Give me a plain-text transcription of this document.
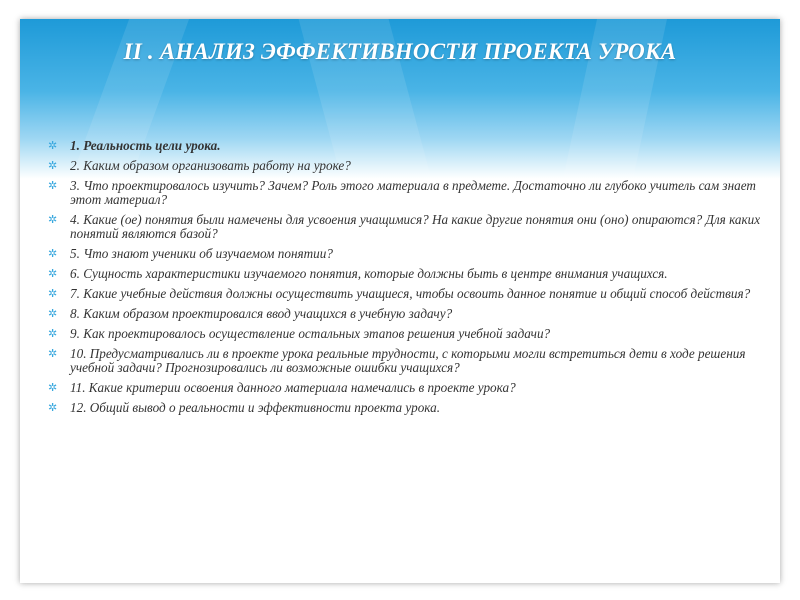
II . АНАЛИЗ ЭФФЕКТИВНОСТИ ПРОЕКТА УРОКА
✲ 1. Реальность цели урока.
✲ 2. Каким образом организовать работу на уроке?
✲ 3. Что проектировалось изучить? Зачем? Роль этого материала в предмете. Достаточно ли глубоко учитель сам знает этот материал?
✲ 4. Какие (ое) понятия были намечены для усвоения учащимися? На какие другие понятия они (оно) опираются? Для каких понятий являются базой?
✲ 5. Что знают ученики об изучаемом понятии?
✲ 6. Сущность характеристики изучаемого понятия, которые должны быть в центре внимания учащихся.
✲ 7. Какие учебные действия должны осуществить учащиеся, чтобы освоить данное понятие и общий способ действия?
✲ 8. Каким образом проектировался ввод учащихся в учебную задачу?
✲ 9. Как проектировалось осуществление остальных этапов решения учебной задачи?
✲ 10. Предусматривались ли в проекте урока реальные трудности, с которыми могли встретиться дети в ходе решения учебной задачи? Прогнозировались ли возможные ошибки учащихся?
✲ 11. Какие критерии освоения данного материала намечались в проекте урока?
✲ 12. Общий вывод о реальности и эффективности проекта урока.
